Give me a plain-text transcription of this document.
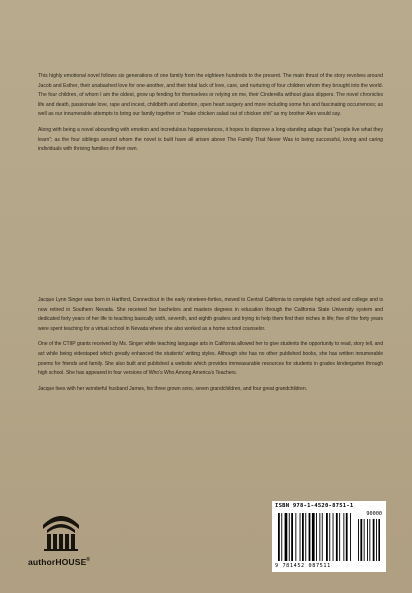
This highly emotional novel follows six generations of one family from the eighteen hundreds to the present. The main thrust of the story revolves around Jacob and Esther, their unabashed love for one-another, and their total lack of love, care, and nurturing of four children whom they brought into the world. The four children, of whom I am the oldest, grow up fending for themselves or relying on me, their Cinderella without glass slippers. The novel chronicles life and death, passionate love, rape and incest, childbirth and abortion, open heart surgery and more including some fun and fascinating occurrences; as well as our innumerable attempts to bring our family together or “make chicken salad out of chicken shit” as my brother Alex would say.

Along with being a novel abounding with emotion and incredulous happenstances, it hopes to disprove a long-standing adage that “people live what they learn”; as the four siblings around whom the novel is built have all arisen above The Family That Never Was to being successful, loving and caring individuals with thriving families of their own.

Jacque Lynn Singer was born in Hartford, Connecticut in the early nineteen-forties, moved to Central California to complete high school and college and is now retired in Southern Nevada. She received her bachelors and masters degrees in education through the California State University system and dedicated forty years of her life to teaching basically sixth, seventh, and eighth graders and trying to help them find their niches in life; five of the forty years were spent teaching for a virtual school in Nevada where she also worked as a home school counselor.

One of the CTIIP grants received by Ms. Singer while teaching language arts in California allowed her to give students the opportunity to read, story tell, and act while being videotaped which greatly enhanced the students’ writing styles. Although she has no other published books, she has written innumerable poems for friends and family. She also built and published a website which provides immeasurable resources for students in grades kindergarten through high school. She has appeared in four versions of Who’s Who Among America’s Teachers.

Jacque lives with her wonderful husband James, his three grown sons, seven grandchildren, and four great grandchildren.

authorHOUSE®
ISBN 978-1-4520-8751-1
90000
9 781452 087511
